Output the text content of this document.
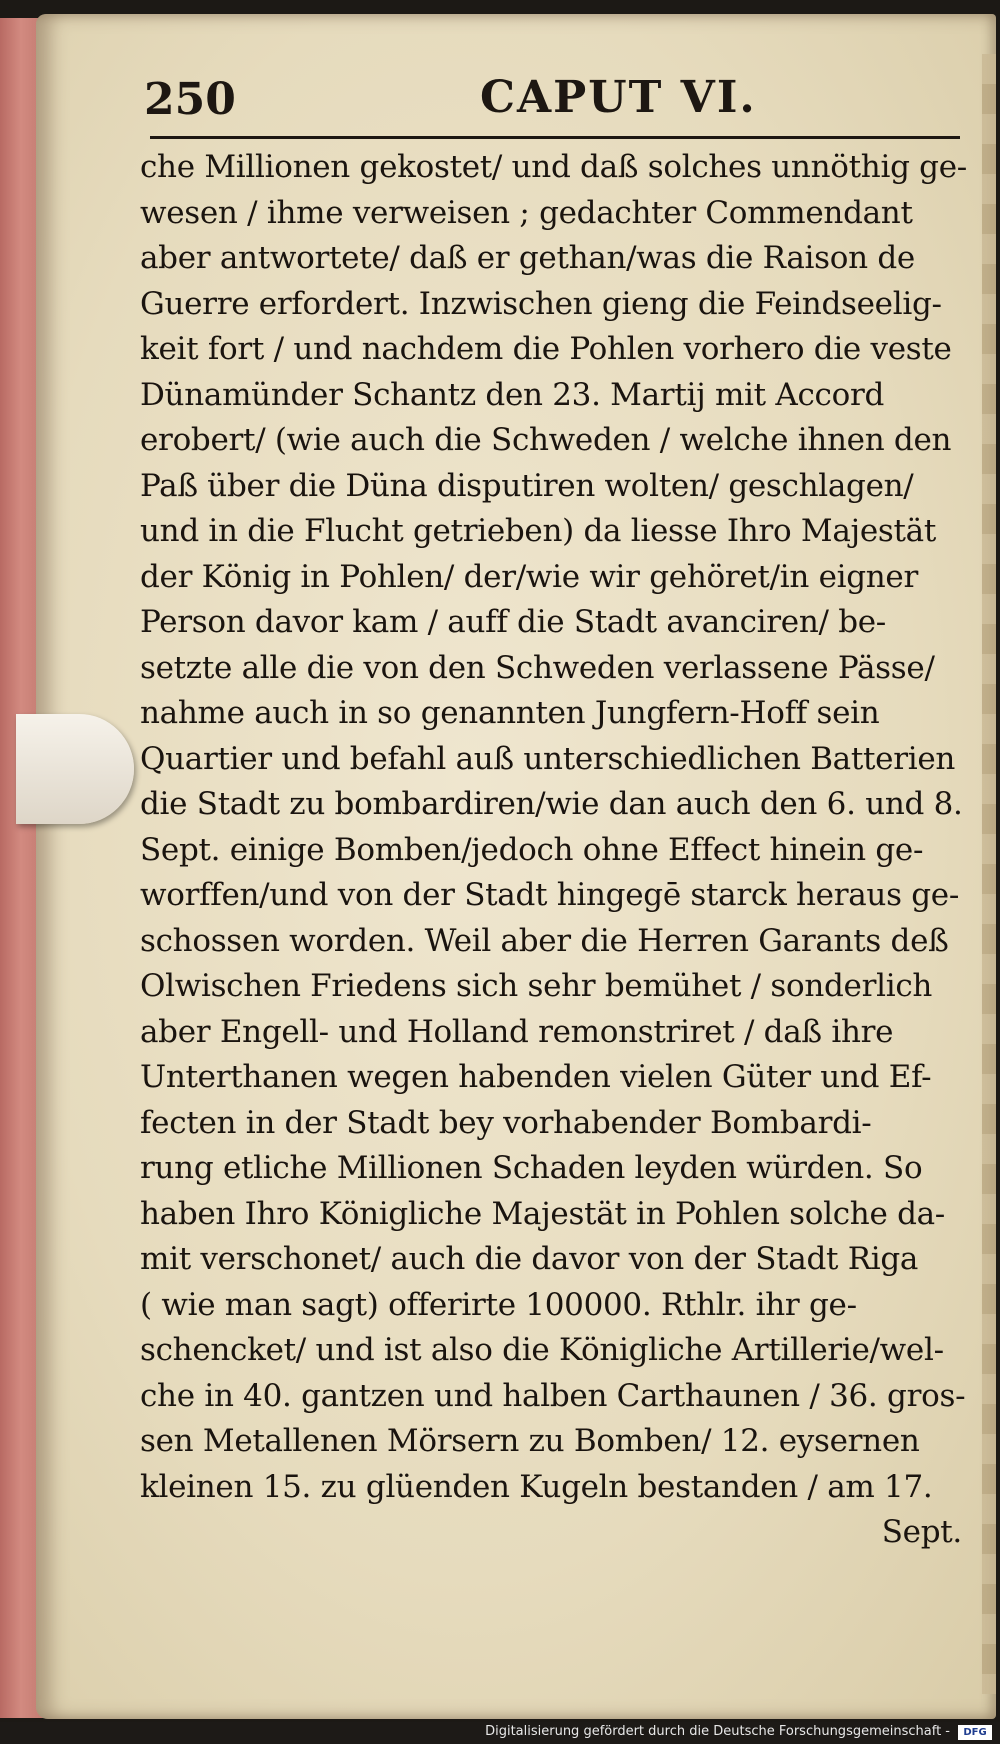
250	CAPUT VI.
che Millionen gekostet/ und daß solches unnöthig ge-
wesen / ihme verweisen ; gedachter Commendant
aber antwortete/ daß er gethan/was die Raison de
Guerre erfordert. Inzwischen gieng die Feindseelig-
keit fort / und nachdem die Pohlen vorhero die veste
Dünamünder Schantz den 23. Martij mit Accord
erobert/ (wie auch die Schweden / welche ihnen den
Paß über die Düna disputiren wolten/ geschlagen/
und in die Flucht getrieben) da liesse Ihro Majestät
der König in Pohlen/ der/wie wir gehöret/in eigner
Person davor kam / auff die Stadt avanciren/ be-
setzte alle die von den Schweden verlassene Pässe/
nahme auch in so genannten Jungfern-Hoff sein
Quartier und befahl auß unterschiedlichen Batterien
die Stadt zu bombardiren/wie dan auch den 6. und 8.
Sept. einige Bomben/jedoch ohne Effect hinein ge-
worffen/und von der Stadt hingegē starck heraus ge-
schossen worden. Weil aber die Herren Garants deß
Olwischen Friedens sich sehr bemühet / sonderlich
aber Engell- und Holland remonstriret / daß ihre
Unterthanen wegen habenden vielen Güter und Ef-
fecten in der Stadt bey vorhabender Bombardi-
rung etliche Millionen Schaden leyden würden. So
haben Ihro Königliche Majestät in Pohlen solche da-
mit verschonet/ auch die davor von der Stadt Riga
( wie man sagt) offerirte 100000. Rthlr. ihr ge-
schencket/ und ist also die Königliche Artillerie/wel-
che in 40. gantzen und halben Carthaunen / 36. gros-
sen Metallenen Mörsern zu Bomben/ 12. eysernen
kleinen 15. zu glüenden Kugeln bestanden / am 17.
Sept.
Digitalisierung gefördert durch die Deutsche Forschungsgemeinschaft -	DFG
